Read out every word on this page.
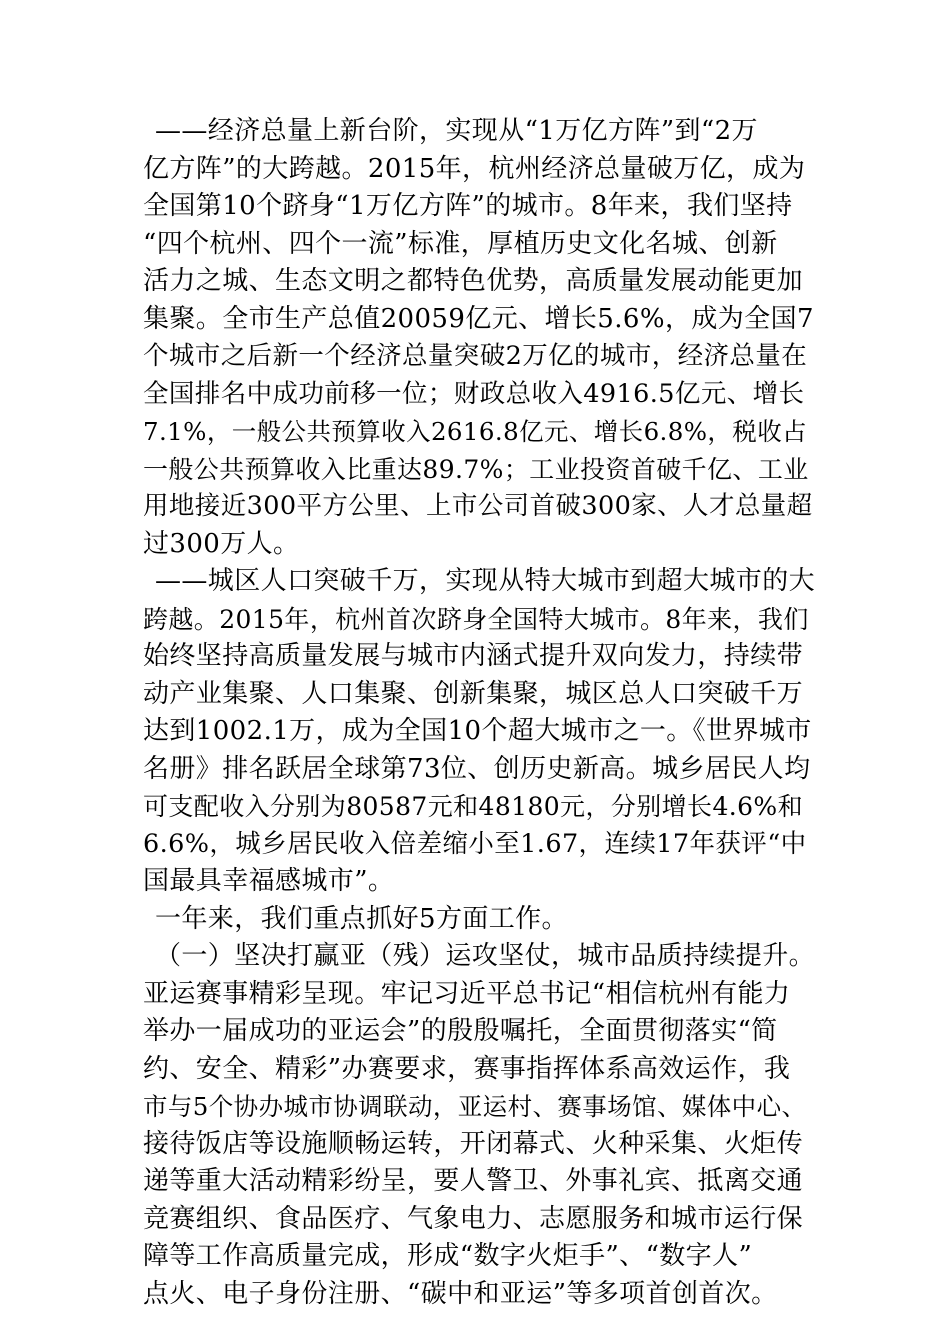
——经济总量上新台阶，实现从“1万亿方阵”到“2万
亿方阵”的大跨越。2015年，杭州经济总量破万亿，成为
全国第10个跻身“1万亿方阵”的城市。8年来，我们坚持
“四个杭州、四个一流”标准，厚植历史文化名城、创新
活力之城、生态文明之都特色优势，高质量发展动能更加
集聚。全市生产总值20059亿元、增长5.6%，成为全国7
个城市之后新一个经济总量突破2万亿的城市，经济总量在
全国排名中成功前移一位；财政总收入4916.5亿元、增长
7.1%，一般公共预算收入2616.8亿元、增长6.8%，税收占
一般公共预算收入比重达89.7%；工业投资首破千亿、工业
用地接近300平方公里、上市公司首破300家、人才总量超
过300万人。
——城区人口突破千万，实现从特大城市到超大城市的大
跨越。2015年，杭州首次跻身全国特大城市。8年来，我们
始终坚持高质量发展与城市内涵式提升双向发力，持续带
动产业集聚、人口集聚、创新集聚，城区总人口突破千万
达到1002.1万，成为全国10个超大城市之一。《世界城市
名册》排名跃居全球第73位、创历史新高。城乡居民人均
可支配收入分别为80587元和48180元，分别增长4.6%和
6.6%，城乡居民收入倍差缩小至1.67，连续17年获评“中
国最具幸福感城市”。
一年来，我们重点抓好5方面工作。
（一）坚决打赢亚（残）运攻坚仗，城市品质持续提升。
亚运赛事精彩呈现。牢记习近平总书记“相信杭州有能力
举办一届成功的亚运会”的殷殷嘱托，全面贯彻落实“简
约、安全、精彩”办赛要求，赛事指挥体系高效运作，我
市与5个协办城市协调联动，亚运村、赛事场馆、媒体中心、
接待饭店等设施顺畅运转，开闭幕式、火种采集、火炬传
递等重大活动精彩纷呈，要人警卫、外事礼宾、抵离交通
竞赛组织、食品医疗、气象电力、志愿服务和城市运行保
障等工作高质量完成，形成“数字火炬手”、“数字人”
点火、电子身份注册、“碳中和亚运”等多项首创首次。
